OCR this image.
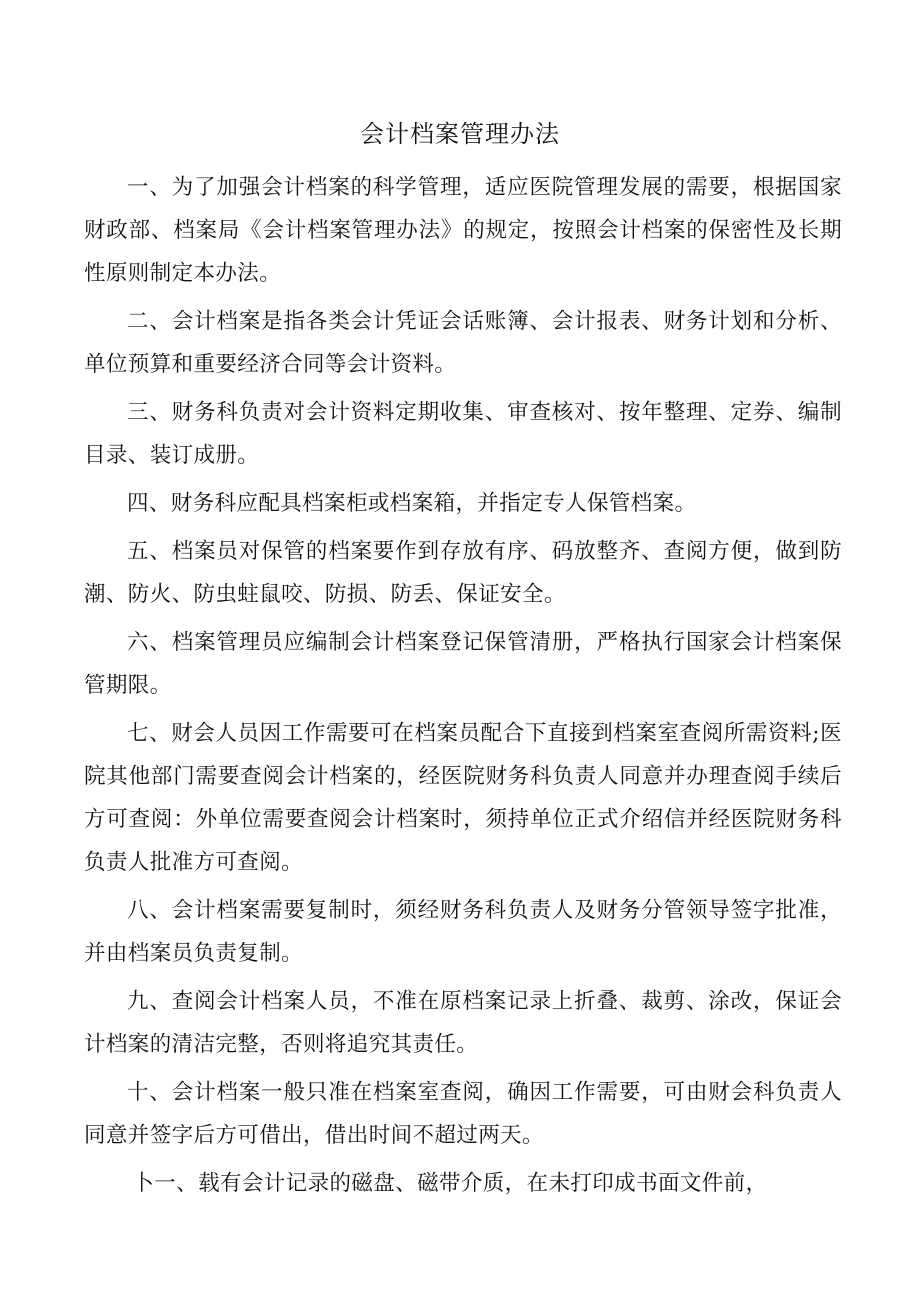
会计档案管理办法

一、为了加强会计档案的科学管理，适应医院管理发展的需要，根据国家财政部、档案局《会计档案管理办法》的规定，按照会计档案的保密性及长期性原则制定本办法。

二、会计档案是指各类会计凭证会话账簿、会计报表、财务计划和分析、单位预算和重要经济合同等会计资料。

三、财务科负责对会计资料定期收集、审查核对、按年整理、定券、编制目录、装订成册。

四、财务科应配具档案柜或档案箱，并指定专人保管档案。

五、档案员对保管的档案要作到存放有序、码放整齐、查阅方便，做到防潮、防火、防虫蛀鼠咬、防损、防丢、保证安全。

六、档案管理员应编制会计档案登记保管清册，严格执行国家会计档案保管期限。

七、财会人员因工作需要可在档案员配合下直接到档案室查阅所需资料;医院其他部门需要查阅会计档案的，经医院财务科负责人同意并办理查阅手续后方可查阅：外单位需要查阅会计档案时，须持单位正式介绍信并经医院财务科负责人批准方可查阅。

八、会计档案需要复制时，须经财务科负责人及财务分管领导签字批准，并由档案员负责复制。

九、查阅会计档案人员，不准在原档案记录上折叠、裁剪、涂改，保证会计档案的清洁完整，否则将追究其责任。

十、会计档案一般只准在档案室查阅，确因工作需要，可由财会科负责人同意并签字后方可借出，借出时间不超过两天。

卜一、载有会计记录的磁盘、磁带介质，在未打印成书面文件前，
